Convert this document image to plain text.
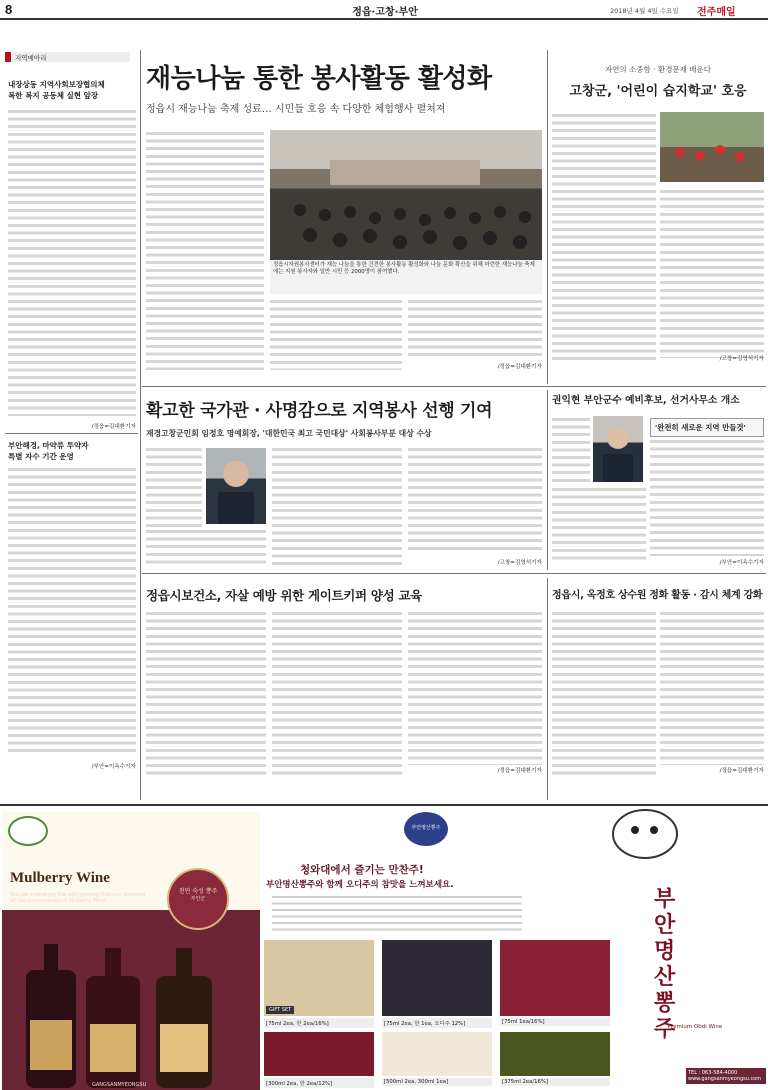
8	정읍·고창·부안	2018년 4월 4일 수요일 전주매일
지역메아리
내장상동 지역사회보장협의체
복한 복지 공동체 실현 앞장
/정읍=김대환기자
부안해경, 마약류 투약자
특별 자수 기간 운영
/부안=이옥수기자
재능나눔 통한 봉사활동 활성화
정읍시 재능나눔 축제 성료… 시민들 호응 속 다양한 체험행사 펼쳐져
정읍시자원봉사센터가 재능 나눔을 통한 건전한 봉사활동 활성화와 나눔 문화 확산을 위해 마련한 재능나눔 축제에는 지원 봉사자와 일반 시민 등 2000명이 참여했다.
/정읍=김대환기자
자연의 소중함 · 환경문제 배운다
고창군, '어린이 습지학교' 호응
/고창=김영석기자
확고한 국가관 · 사명감으로 지역봉사 선행 기여
재경고창군민회 임정호 명예회장, '대한민국 최고 국민대상' 사회봉사부분 대상 수상
/고창=김영석기자
권익현 부안군수 예비후보, 선거사무소 개소
'완전히 새로운 지역 만들것'
/부안=이옥수기자
정읍시보건소, 자살 예방 위한 게이트키퍼 양성 교육
/정읍=김대환기자
정읍시, 옥정호 상수원 정화 활동 · 감시 체계 강화
/정읍=김대환기자
Mulberry Wine
You can now enjoy the wild ginseng that you dreamed of! Gangsanmyengsu's Mulberry Wine.
천연 숙성 뽕주
부안군
GANGSANMYEONGSU
청와대에서 즐기는 만찬주!
부안명산뽕주와 함께 오디주의 참맛을 느껴보세요.
부안명산뽕주
[75ml 2ea, 한 2ea/16%]	[75ml 2ea, 한 1ea, 오디주 12%]	[75ml 1ea/16%]
[300ml 2ea, 한 2ea/12%]	[500ml 2ea, 300ml 1ea]	[375ml 2ea/16%]
GIFT SET
부안명산 뽕주
Premium Obdi Wine
TEL : 063-584-4000
www.gangsanmyeongsu.com
